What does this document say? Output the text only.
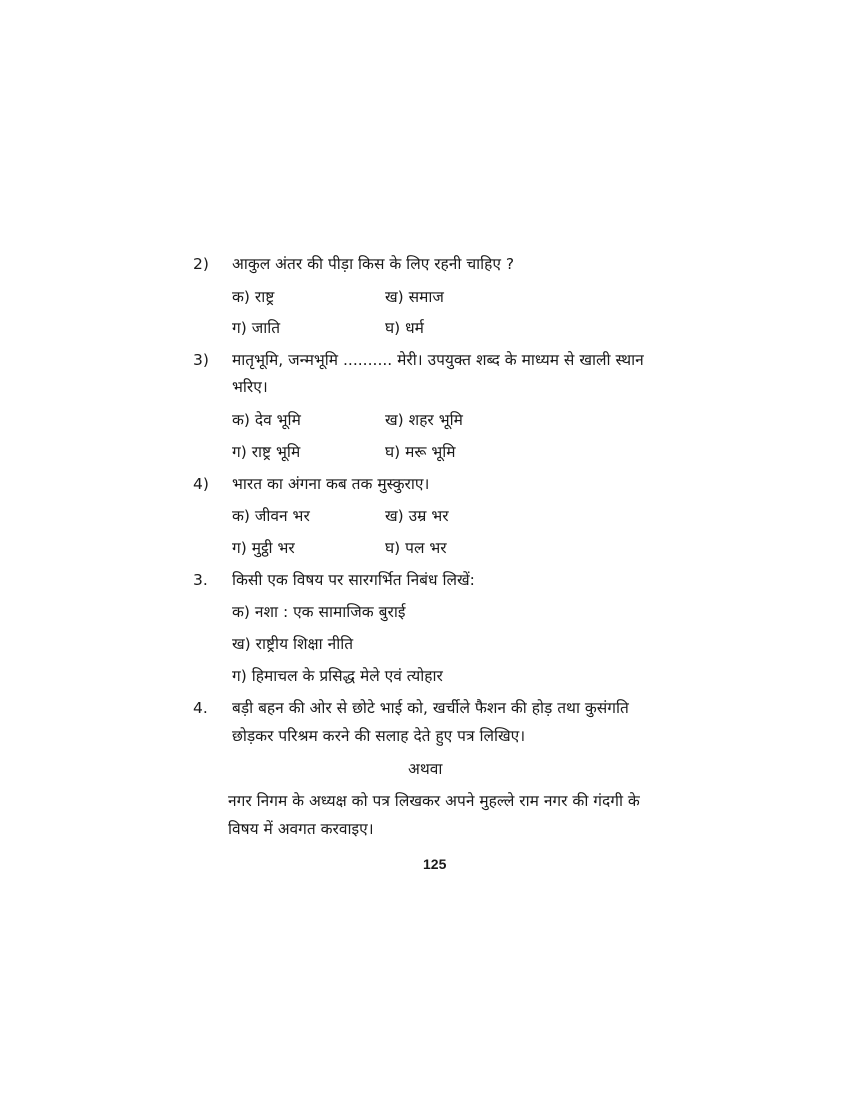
2) आकुल अंतर की पीड़ा किस के लिए रहनी चाहिए ?
क) राष्ट्र	ख) समाज
ग) जाति	घ) धर्म
3) मातृभूमि, जन्मभूमि .......... मेरी। उपयुक्त शब्द के माध्यम से खाली स्थान
भरिए।
क) देव भूमि	ख) शहर भूमि
ग) राष्ट्र भूमि	घ) मरू भूमि
4) भारत का अंगना कब तक मुस्कुराए।
क) जीवन भर	ख) उम्र भर
ग) मुट्ठी भर	घ) पल भर
3. किसी एक विषय पर सारगर्भित निबंध लिखें:
क) नशा : एक सामाजिक बुराई
ख) राष्ट्रीय शिक्षा नीति
ग) हिमाचल के प्रसिद्ध मेले एवं त्योहार
4. बड़ी बहन की ओर से छोटे भाई को, खर्चीले फैशन की होड़ तथा कुसंगति
छोड़कर परिश्रम करने की सलाह देते हुए पत्र लिखिए।
अथवा
नगर निगम के अध्यक्ष को पत्र लिखकर अपने मुहल्ले राम नगर की गंदगी के
विषय में अवगत करवाइए।
125
